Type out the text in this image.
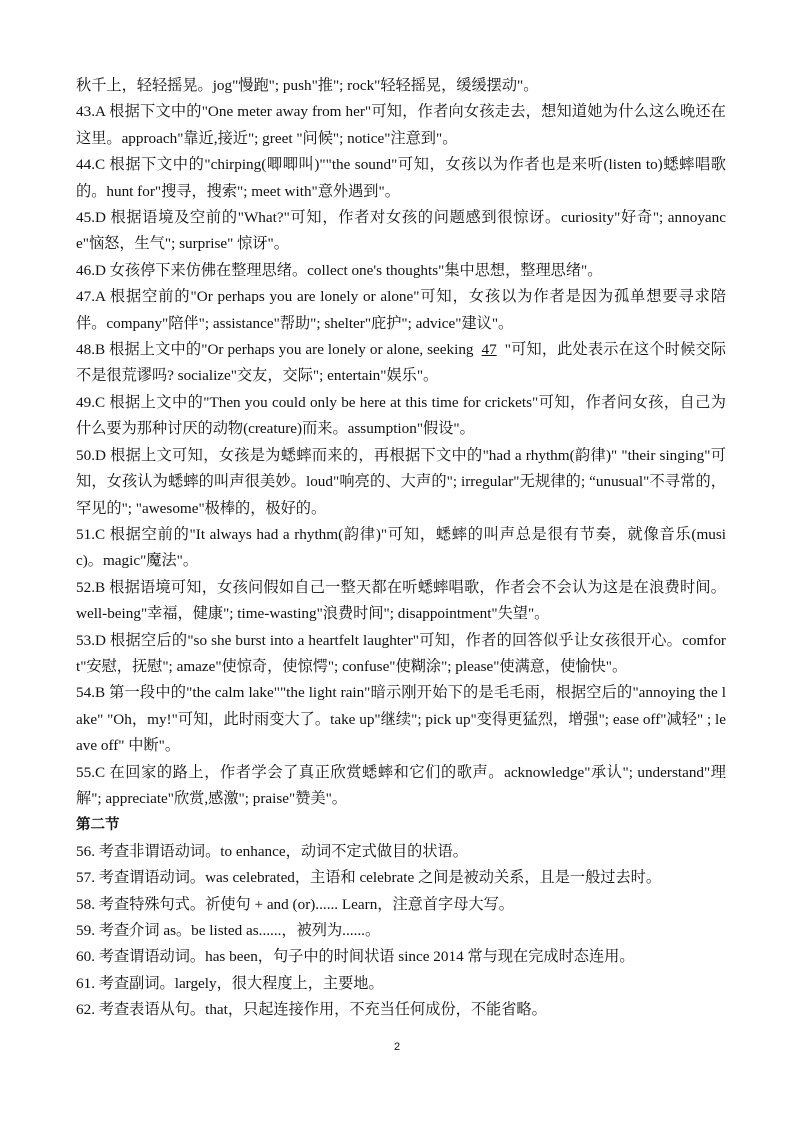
秋千上，轻轻摇晃。jog"慢跑"; push"推"; rock"轻轻摇晃，缓缓摆动"。

43.A 根据下文中的"One meter away from her"可知，作者向女孩走去，想知道她为什么这么晚还在这里。approach"靠近,接近"; greet "问候"; notice"注意到"。

44.C 根据下文中的"chirping(唧唧叫)""the sound"可知，女孩以为作者也是来听(listen to)蟋蟀唱歌的。hunt for"搜寻，搜索"; meet with"意外遇到"。

45.D 根据语境及空前的"What?"可知，作者对女孩的问题感到很惊讶。curiosity"好奇"; annoyance"恼怒，生气"; surprise" 惊讶"。

46.D 女孩停下来仿佛在整理思绪。collect one's thoughts"集中思想，整理思绪"。

47.A 根据空前的"Or perhaps you are lonely or alone"可知，女孩以为作者是因为孤单想要寻求陪伴。company"陪伴"; assistance"帮助"; shelter"庇护"; advice"建议"。

48.B 根据上文中的"Or perhaps you are lonely or alone, seeking 47 "可知，此处表示在这个时候交际不是很荒谬吗? socialize"交友，交际"; entertain"娱乐"。

49.C 根据上文中的"Then you could only be here at this time for crickets"可知，作者问女孩，自己为什么要为那种讨厌的动物(creature)而来。assumption"假设"。

50.D 根据上文可知，女孩是为蟋蟀而来的，再根据下文中的"had a rhythm(韵律)" "their singing"可知，女孩认为蟋蟀的叫声很美妙。loud"响亮的、大声的"; irregular"无规律的; “unusual"不寻常的，罕见的"; "awesome"极棒的，极好的。

51.C 根据空前的"It always had a rhythm(韵律)"可知，蟋蟀的叫声总是很有节奏，就像音乐(music)。magic"魔法"。

52.B 根据语境可知，女孩问假如自己一整天都在听蟋蟀唱歌，作者会不会认为这是在浪费时间。well-being"幸福，健康"; time-wasting"浪费时间"; disappointment"失望"。

53.D 根据空后的"so she burst into a heartfelt laughter"可知，作者的回答似乎让女孩很开心。comfort"安慰，抚慰"; amaze"使惊奇，使惊愕"; confuse"使糊涂"; please"使满意，使愉快"。

54.B 第一段中的"the calm lake""the light rain"暗示刚开始下的是毛毛雨，根据空后的"annoying the lake" "Oh，my!"可知，此时雨变大了。take up"继续"; pick up"变得更猛烈，增强"; ease off"减轻" ; leave off" 中断"。

55.C 在回家的路上，作者学会了真正欣赏蟋蟀和它们的歌声。acknowledge"承认"; understand"理解"; appreciate"欣赏,感激"; praise"赞美"。

第二节

56. 考查非谓语动词。to enhance，动词不定式做目的状语。

57. 考查谓语动词。was celebrated，主语和 celebrate 之间是被动关系，且是一般过去时。

58. 考查特殊句式。祈使句 + and (or)...... Learn，注意首字母大写。

59. 考查介词 as。be listed as......，被列为......。

60. 考查谓语动词。has been，句子中的时间状语 since 2014 常与现在完成时态连用。

61. 考查副词。largely，很大程度上，主要地。

62. 考查表语从句。that，只起连接作用，不充当任何成份，不能省略。

2
